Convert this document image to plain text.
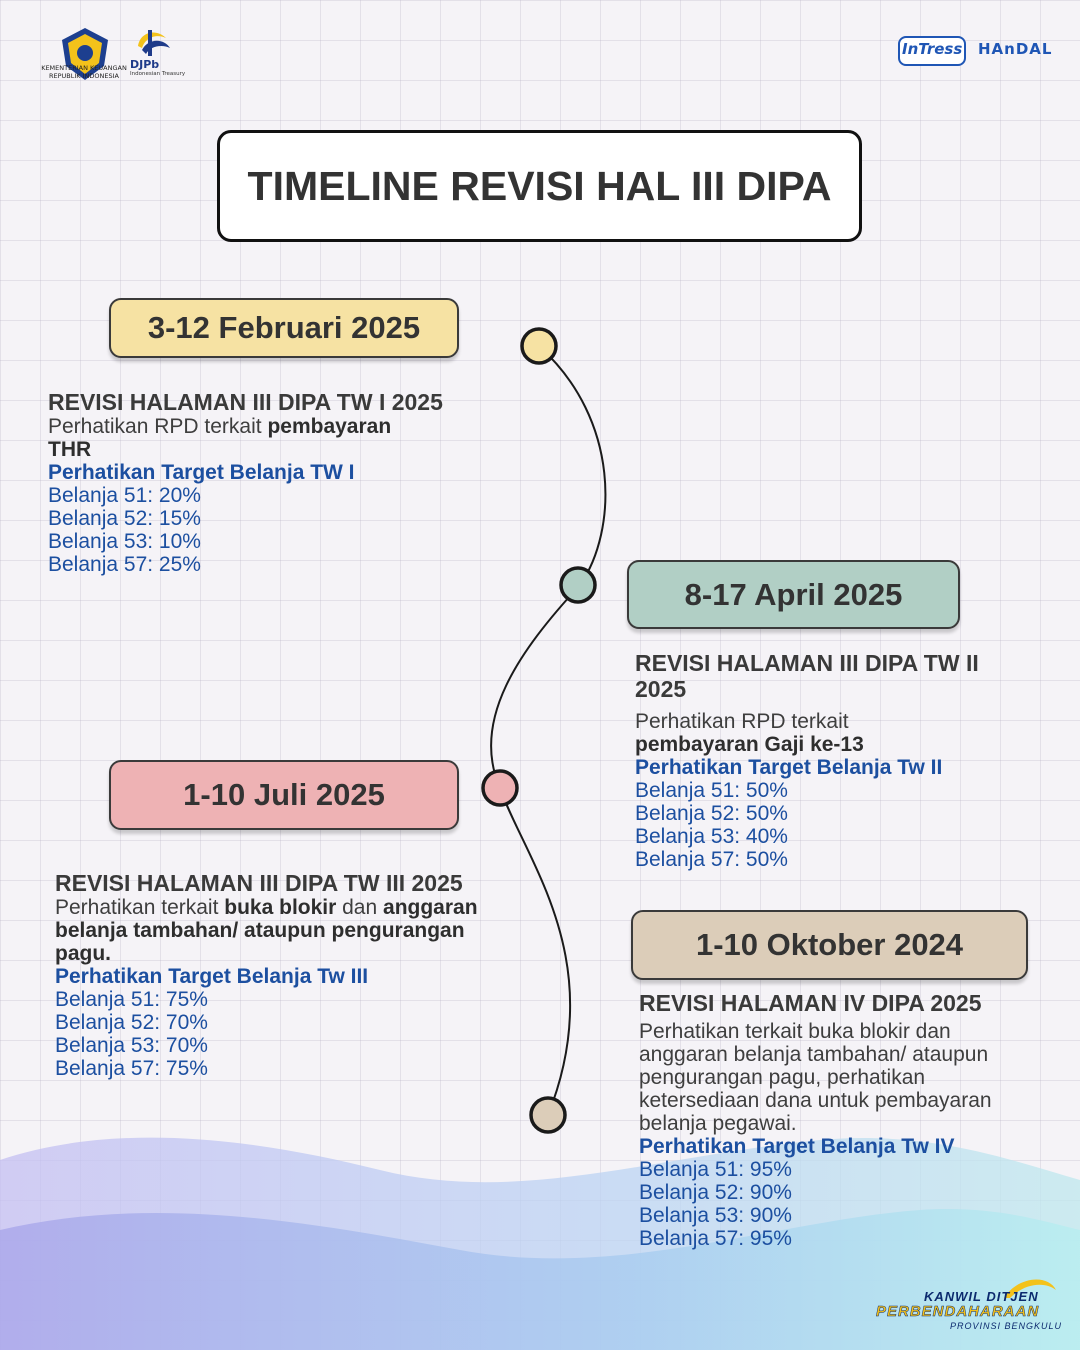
KEMENTERIAN KEUANGAN
REPUBLIK INDONESIA
DJPb
Indonesian Treasury
InTress HAnDAL
TIMELINE REVISI HAL III DIPA
3-12 Februari 2025
REVISI HALAMAN III DIPA TW I 2025
Perhatikan RPD terkait pembayaran THR
Perhatikan Target Belanja TW I
Belanja 51: 20%
Belanja 52: 15%
Belanja 53: 10%
Belanja 57: 25%
8-17 April 2025
REVISI HALAMAN III DIPA TW II 2025
Perhatikan RPD terkait
pembayaran Gaji ke-13
Perhatikan Target Belanja Tw II
Belanja 51: 50%
Belanja 52: 50%
Belanja 53: 40%
Belanja 57: 50%
1-10 Juli 2025
REVISI HALAMAN III DIPA TW III 2025
Perhatikan terkait buka blokir dan anggaran belanja tambahan/ ataupun pengurangan pagu.
Perhatikan Target Belanja Tw III
Belanja 51: 75%
Belanja 52: 70%
Belanja 53: 70%
Belanja 57: 75%
1-10 Oktober 2024
REVISI HALAMAN IV DIPA 2025
Perhatikan terkait buka blokir dan anggaran belanja tambahan/ ataupun pengurangan pagu, perhatikan ketersediaan dana untuk pembayaran belanja pegawai.
Perhatikan Target Belanja Tw IV
Belanja 51: 95%
Belanja 52: 90%
Belanja 53: 90%
Belanja 57: 95%
KANWIL DITJEN
PERBENDAHARAAN
PROVINSI BENGKULU
